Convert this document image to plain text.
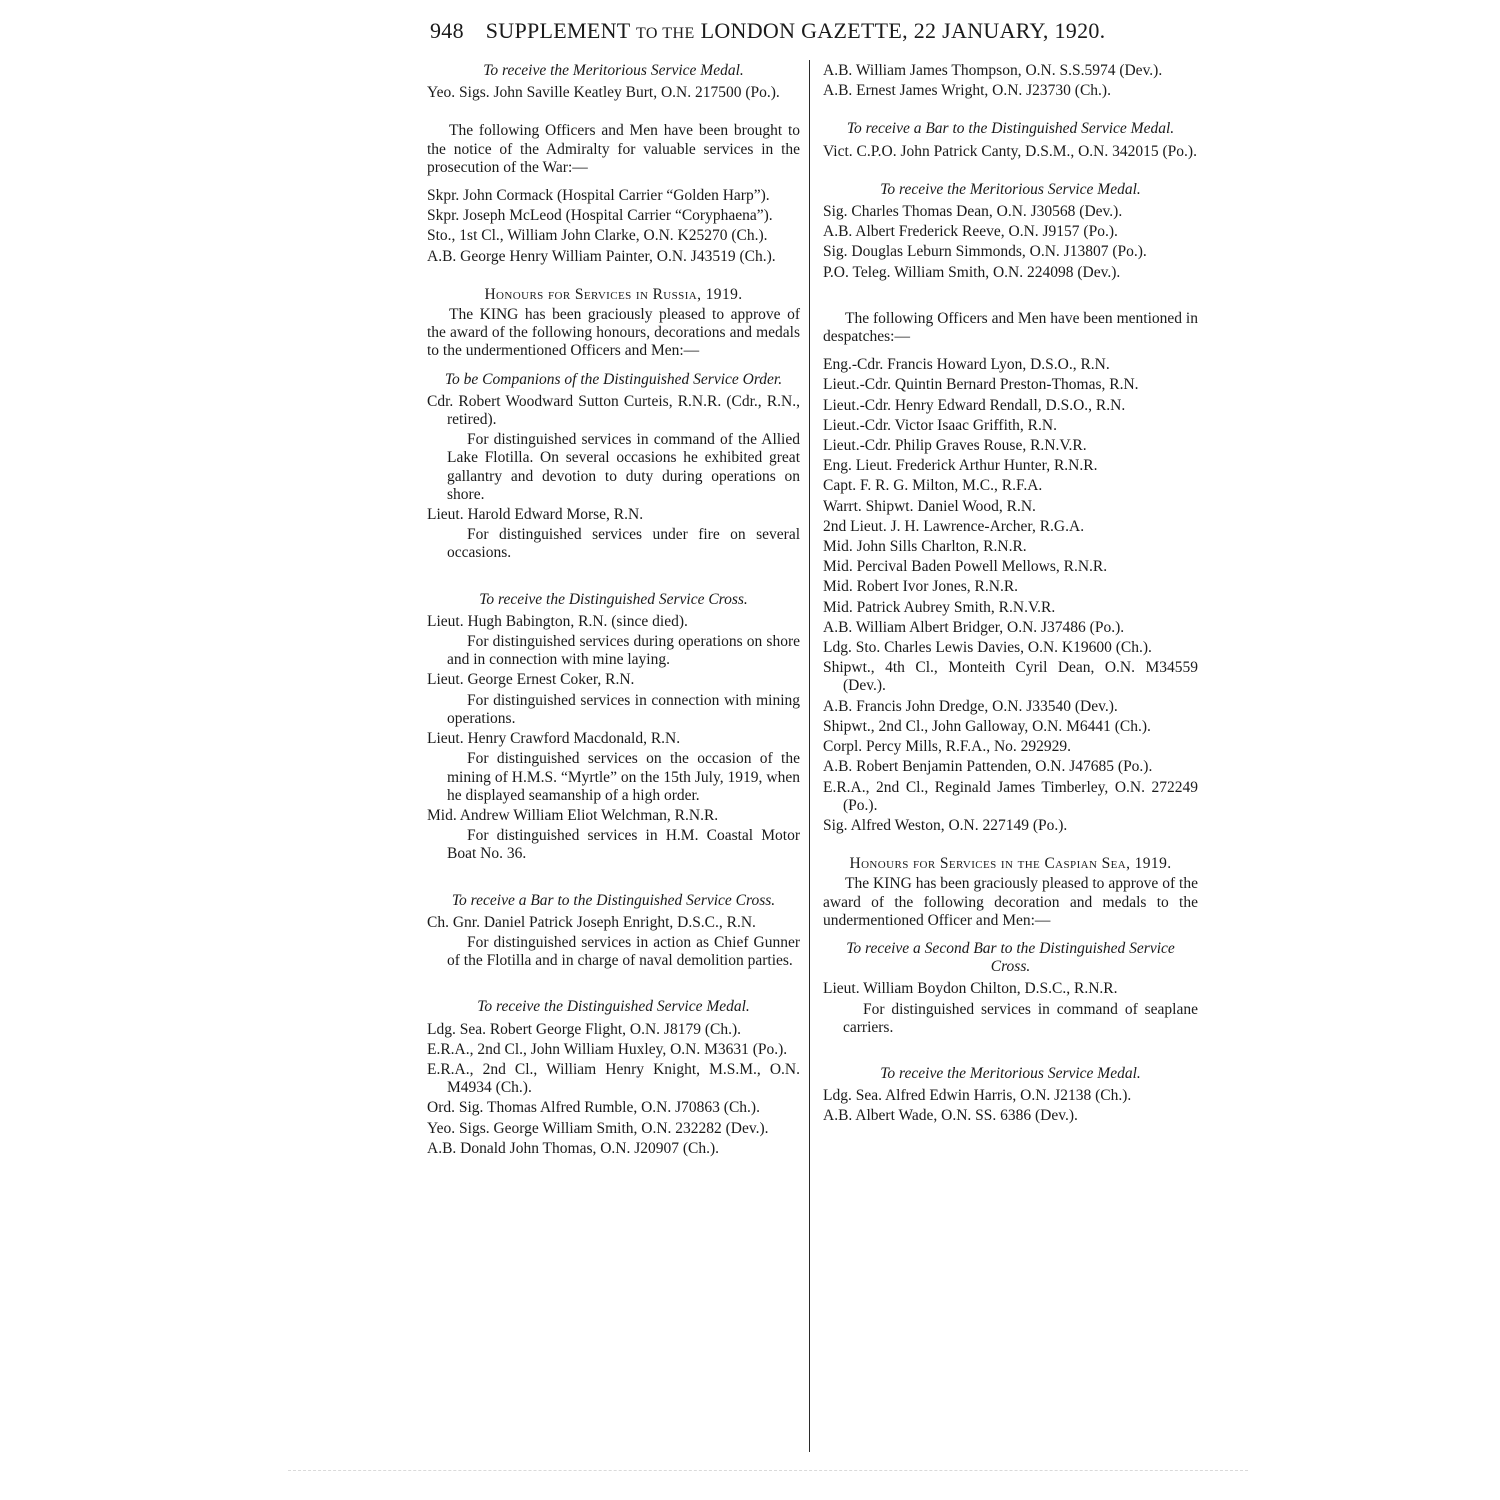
948 SUPPLEMENT TO THE LONDON GAZETTE, 22 JANUARY, 1920.
To receive the Meritorious Service Medal.
Yeo. Sigs. John Saville Keatley Burt, O.N. 217500 (Po.).
The following Officers and Men have been brought to the notice of the Admiralty for valuable services in the prosecution of the War:—
Skpr. John Cormack (Hospital Carrier “Golden Harp”).
Skpr. Joseph McLeod (Hospital Carrier “Coryphaena”).
Sto., 1st Cl., William John Clarke, O.N. K25270 (Ch.).
A.B. George Henry William Painter, O.N. J43519 (Ch.).
Honours for Services in Russia, 1919.
The KING has been graciously pleased to approve of the award of the following honours, decorations and medals to the undermentioned Officers and Men:—
To be Companions of the Distinguished Service Order.
Cdr. Robert Woodward Sutton Curteis, R.N.R. (Cdr., R.N., retired).
For distinguished services in command of the Allied Lake Flotilla. On several occasions he exhibited great gallantry and devotion to duty during operations on shore.
Lieut. Harold Edward Morse, R.N.
For distinguished services under fire on several occasions.
To receive the Distinguished Service Cross.
Lieut. Hugh Babington, R.N. (since died).
For distinguished services during operations on shore and in connection with mine laying.
Lieut. George Ernest Coker, R.N.
For distinguished services in connection with mining operations.
Lieut. Henry Crawford Macdonald, R.N.
For distinguished services on the occasion of the mining of H.M.S. “Myrtle” on the 15th July, 1919, when he displayed seamanship of a high order.
Mid. Andrew William Eliot Welchman, R.N.R.
For distinguished services in H.M. Coastal Motor Boat No. 36.
To receive a Bar to the Distinguished Service Cross.
Ch. Gnr. Daniel Patrick Joseph Enright, D.S.C., R.N.
For distinguished services in action as Chief Gunner of the Flotilla and in charge of naval demolition parties.
To receive the Distinguished Service Medal.
Ldg. Sea. Robert George Flight, O.N. J8179 (Ch.).
E.R.A., 2nd Cl., John William Huxley, O.N. M3631 (Po.).
E.R.A., 2nd Cl., William Henry Knight, M.S.M., O.N. M4934 (Ch.).
Ord. Sig. Thomas Alfred Rumble, O.N. J70863 (Ch.).
Yeo. Sigs. George William Smith, O.N. 232282 (Dev.).
A.B. Donald John Thomas, O.N. J20907 (Ch.).
A.B. William James Thompson, O.N. S.S.5974 (Dev.).
A.B. Ernest James Wright, O.N. J23730 (Ch.).
To receive a Bar to the Distinguished Service Medal.
Vict. C.P.O. John Patrick Canty, D.S.M., O.N. 342015 (Po.).
To receive the Meritorious Service Medal.
Sig. Charles Thomas Dean, O.N. J30568 (Dev.).
A.B. Albert Frederick Reeve, O.N. J9157 (Po.).
Sig. Douglas Leburn Simmonds, O.N. J13807 (Po.).
P.O. Teleg. William Smith, O.N. 224098 (Dev.).
The following Officers and Men have been mentioned in despatches:—
Eng.-Cdr. Francis Howard Lyon, D.S.O., R.N.
Lieut.-Cdr. Quintin Bernard Preston-Thomas, R.N.
Lieut.-Cdr. Henry Edward Rendall, D.S.O., R.N.
Lieut.-Cdr. Victor Isaac Griffith, R.N.
Lieut.-Cdr. Philip Graves Rouse, R.N.V.R.
Eng. Lieut. Frederick Arthur Hunter, R.N.R.
Capt. F. R. G. Milton, M.C., R.F.A.
Warrt. Shipwt. Daniel Wood, R.N.
2nd Lieut. J. H. Lawrence-Archer, R.G.A.
Mid. John Sills Charlton, R.N.R.
Mid. Percival Baden Powell Mellows, R.N.R.
Mid. Robert Ivor Jones, R.N.R.
Mid. Patrick Aubrey Smith, R.N.V.R.
A.B. William Albert Bridger, O.N. J37486 (Po.).
Ldg. Sto. Charles Lewis Davies, O.N. K19600 (Ch.).
Shipwt., 4th Cl., Monteith Cyril Dean, O.N. M34559 (Dev.).
A.B. Francis John Dredge, O.N. J33540 (Dev.).
Shipwt., 2nd Cl., John Galloway, O.N. M6441 (Ch.).
Corpl. Percy Mills, R.F.A., No. 292929.
A.B. Robert Benjamin Pattenden, O.N. J47685 (Po.).
E.R.A., 2nd Cl., Reginald James Timberley, O.N. 272249 (Po.).
Sig. Alfred Weston, O.N. 227149 (Po.).
Honours for Services in the Caspian Sea, 1919.
The KING has been graciously pleased to approve of the award of the following decoration and medals to the undermentioned Officer and Men:—
To receive a Second Bar to the Distinguished Service Cross.
Lieut. William Boydon Chilton, D.S.C., R.N.R.
For distinguished services in command of seaplane carriers.
To receive the Meritorious Service Medal.
Ldg. Sea. Alfred Edwin Harris, O.N. J2138 (Ch.).
A.B. Albert Wade, O.N. SS. 6386 (Dev.).
